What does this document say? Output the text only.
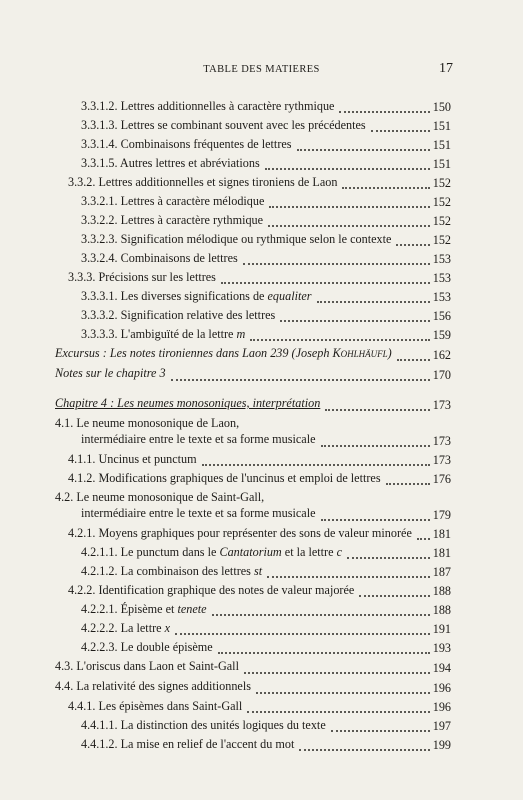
TABLE DES MATIERES	17
3.3.1.2. Lettres additionnelles à caractère rythmique	150
3.3.1.3. Lettres se combinant souvent avec les précédentes	151
3.3.1.4. Combinaisons fréquentes de lettres	151
3.3.1.5. Autres lettres et abréviations	151
3.3.2. Lettres additionnelles et signes tironiens de Laon	152
3.3.2.1. Lettres à caractère mélodique	152
3.3.2.2. Lettres à caractère rythmique	152
3.3.2.3. Signification mélodique ou rythmique selon le contexte	152
3.3.2.4. Combinaisons de lettres	153
3.3.3. Précisions sur les lettres	153
3.3.3.1. Les diverses significations de equaliter	153
3.3.3.2. Signification relative des lettres	156
3.3.3.3. L'ambiguïté de la lettre m	159
Excursus : Les notes tironiennes dans Laon 239 (Joseph Kohlhäufl)	162
Notes sur le chapitre 3	170
Chapitre 4 : Les neumes monosoniques, interprétation	173
4.1. Le neume monosonique de Laon,
intermédiaire entre le texte et sa forme musicale	173
4.1.1. Uncinus et punctum	173
4.1.2. Modifications graphiques de l'uncinus et emploi de lettres	176
4.2. Le neume monosonique de Saint-Gall,
intermédiaire entre le texte et sa forme musicale	179
4.2.1. Moyens graphiques pour représenter des sons de valeur minorée 181
4.2.1.1. Le punctum dans le Cantatorium et la lettre c	181
4.2.1.2. La combinaison des lettres st	187
4.2.2. Identification graphique des notes de valeur majorée	188
4.2.2.1. Épisème et tenete	188
4.2.2.2. La lettre x	191
4.2.2.3. Le double épisème	193
4.3. L'oriscus dans Laon et Saint-Gall	194
4.4. La relativité des signes additionnels	196
4.4.1. Les épisèmes dans Saint-Gall	196
4.4.1.1. La distinction des unités logiques du texte	197
4.4.1.2. La mise en relief de l'accent du mot	199
